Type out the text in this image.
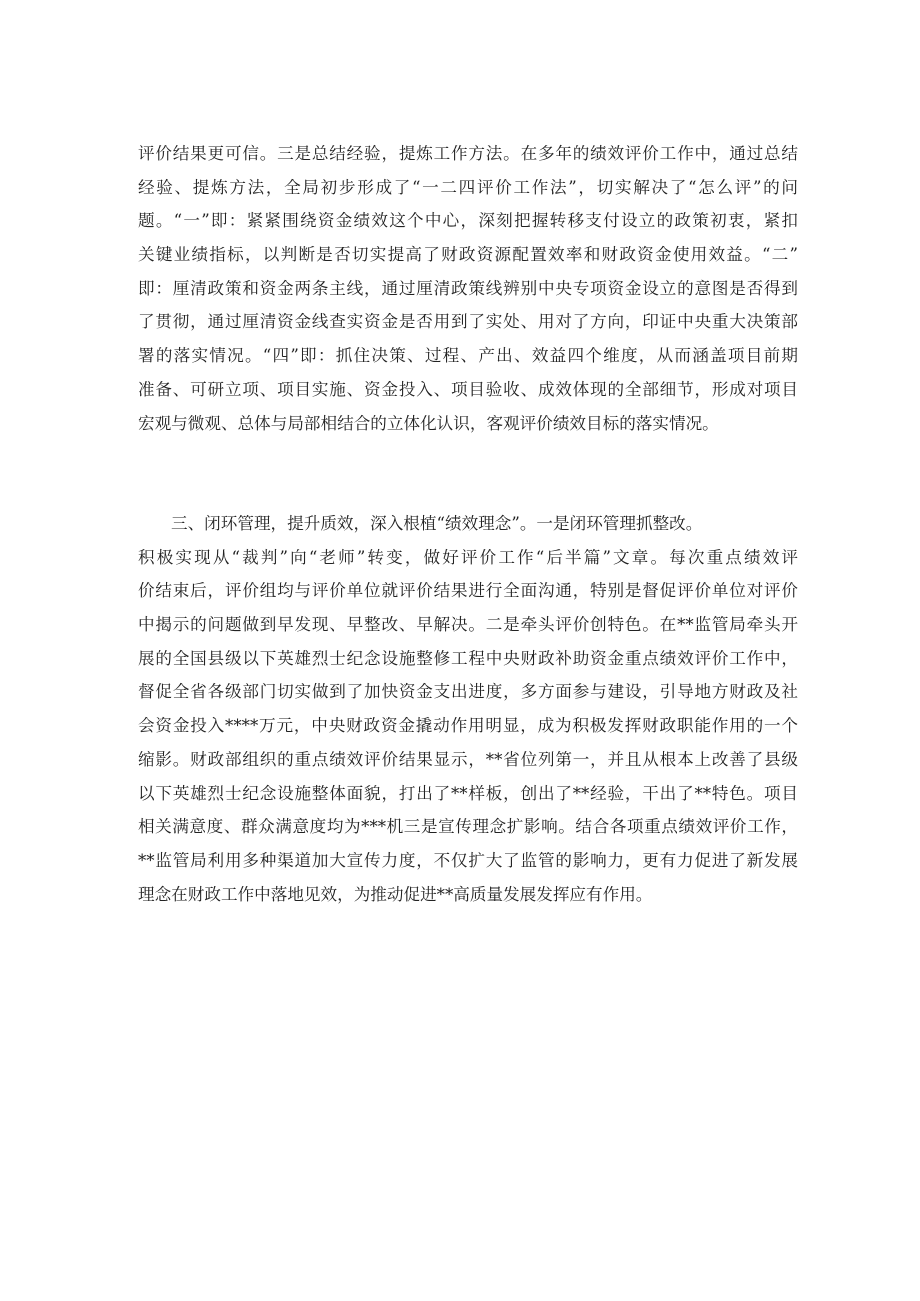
评价结果更可信。三是总结经验，提炼工作方法。在多年的绩效评价工作中，通过总结
经验、提炼方法，全局初步形成了“一二四评价工作法”，切实解决了“怎么评”的问
题。“一”即：紧紧围绕资金绩效这个中心，深刻把握转移支付设立的政策初衷，紧扣
关键业绩指标，以判断是否切实提高了财政资源配置效率和财政资金使用效益。“二”
即：厘清政策和资金两条主线，通过厘清政策线辨别中央专项资金设立的意图是否得到
了贯彻，通过厘清资金线查实资金是否用到了实处、用对了方向，印证中央重大决策部
署的落实情况。“四”即：抓住决策、过程、产出、效益四个维度，从而涵盖项目前期
准备、可研立项、项目实施、资金投入、项目验收、成效体现的全部细节，形成对项目
宏观与微观、总体与局部相结合的立体化认识，客观评价绩效目标的落实情况。
三、闭环管理，提升质效，深入根植“绩效理念”。一是闭环管理抓整改。
积极实现从“裁判”向“老师”转变，做好评价工作“后半篇”文章。每次重点绩效评
价结束后，评价组均与评价单位就评价结果进行全面沟通，特别是督促评价单位对评价
中揭示的问题做到早发现、早整改、早解决。二是牵头评价创特色。在**监管局牵头开
展的全国县级以下英雄烈士纪念设施整修工程中央财政补助资金重点绩效评价工作中，
督促全省各级部门切实做到了加快资金支出进度，多方面参与建设，引导地方财政及社
会资金投入****万元，中央财政资金撬动作用明显，成为积极发挥财政职能作用的一个
缩影。财政部组织的重点绩效评价结果显示，**省位列第一，并且从根本上改善了县级
以下英雄烈士纪念设施整体面貌，打出了**样板，创出了**经验，干出了**特色。项目
相关满意度、群众满意度均为***机三是宣传理念扩影响。结合各项重点绩效评价工作，
**监管局利用多种渠道加大宣传力度，不仅扩大了监管的影响力，更有力促进了新发展
理念在财政工作中落地见效，为推动促进**高质量发展发挥应有作用。
